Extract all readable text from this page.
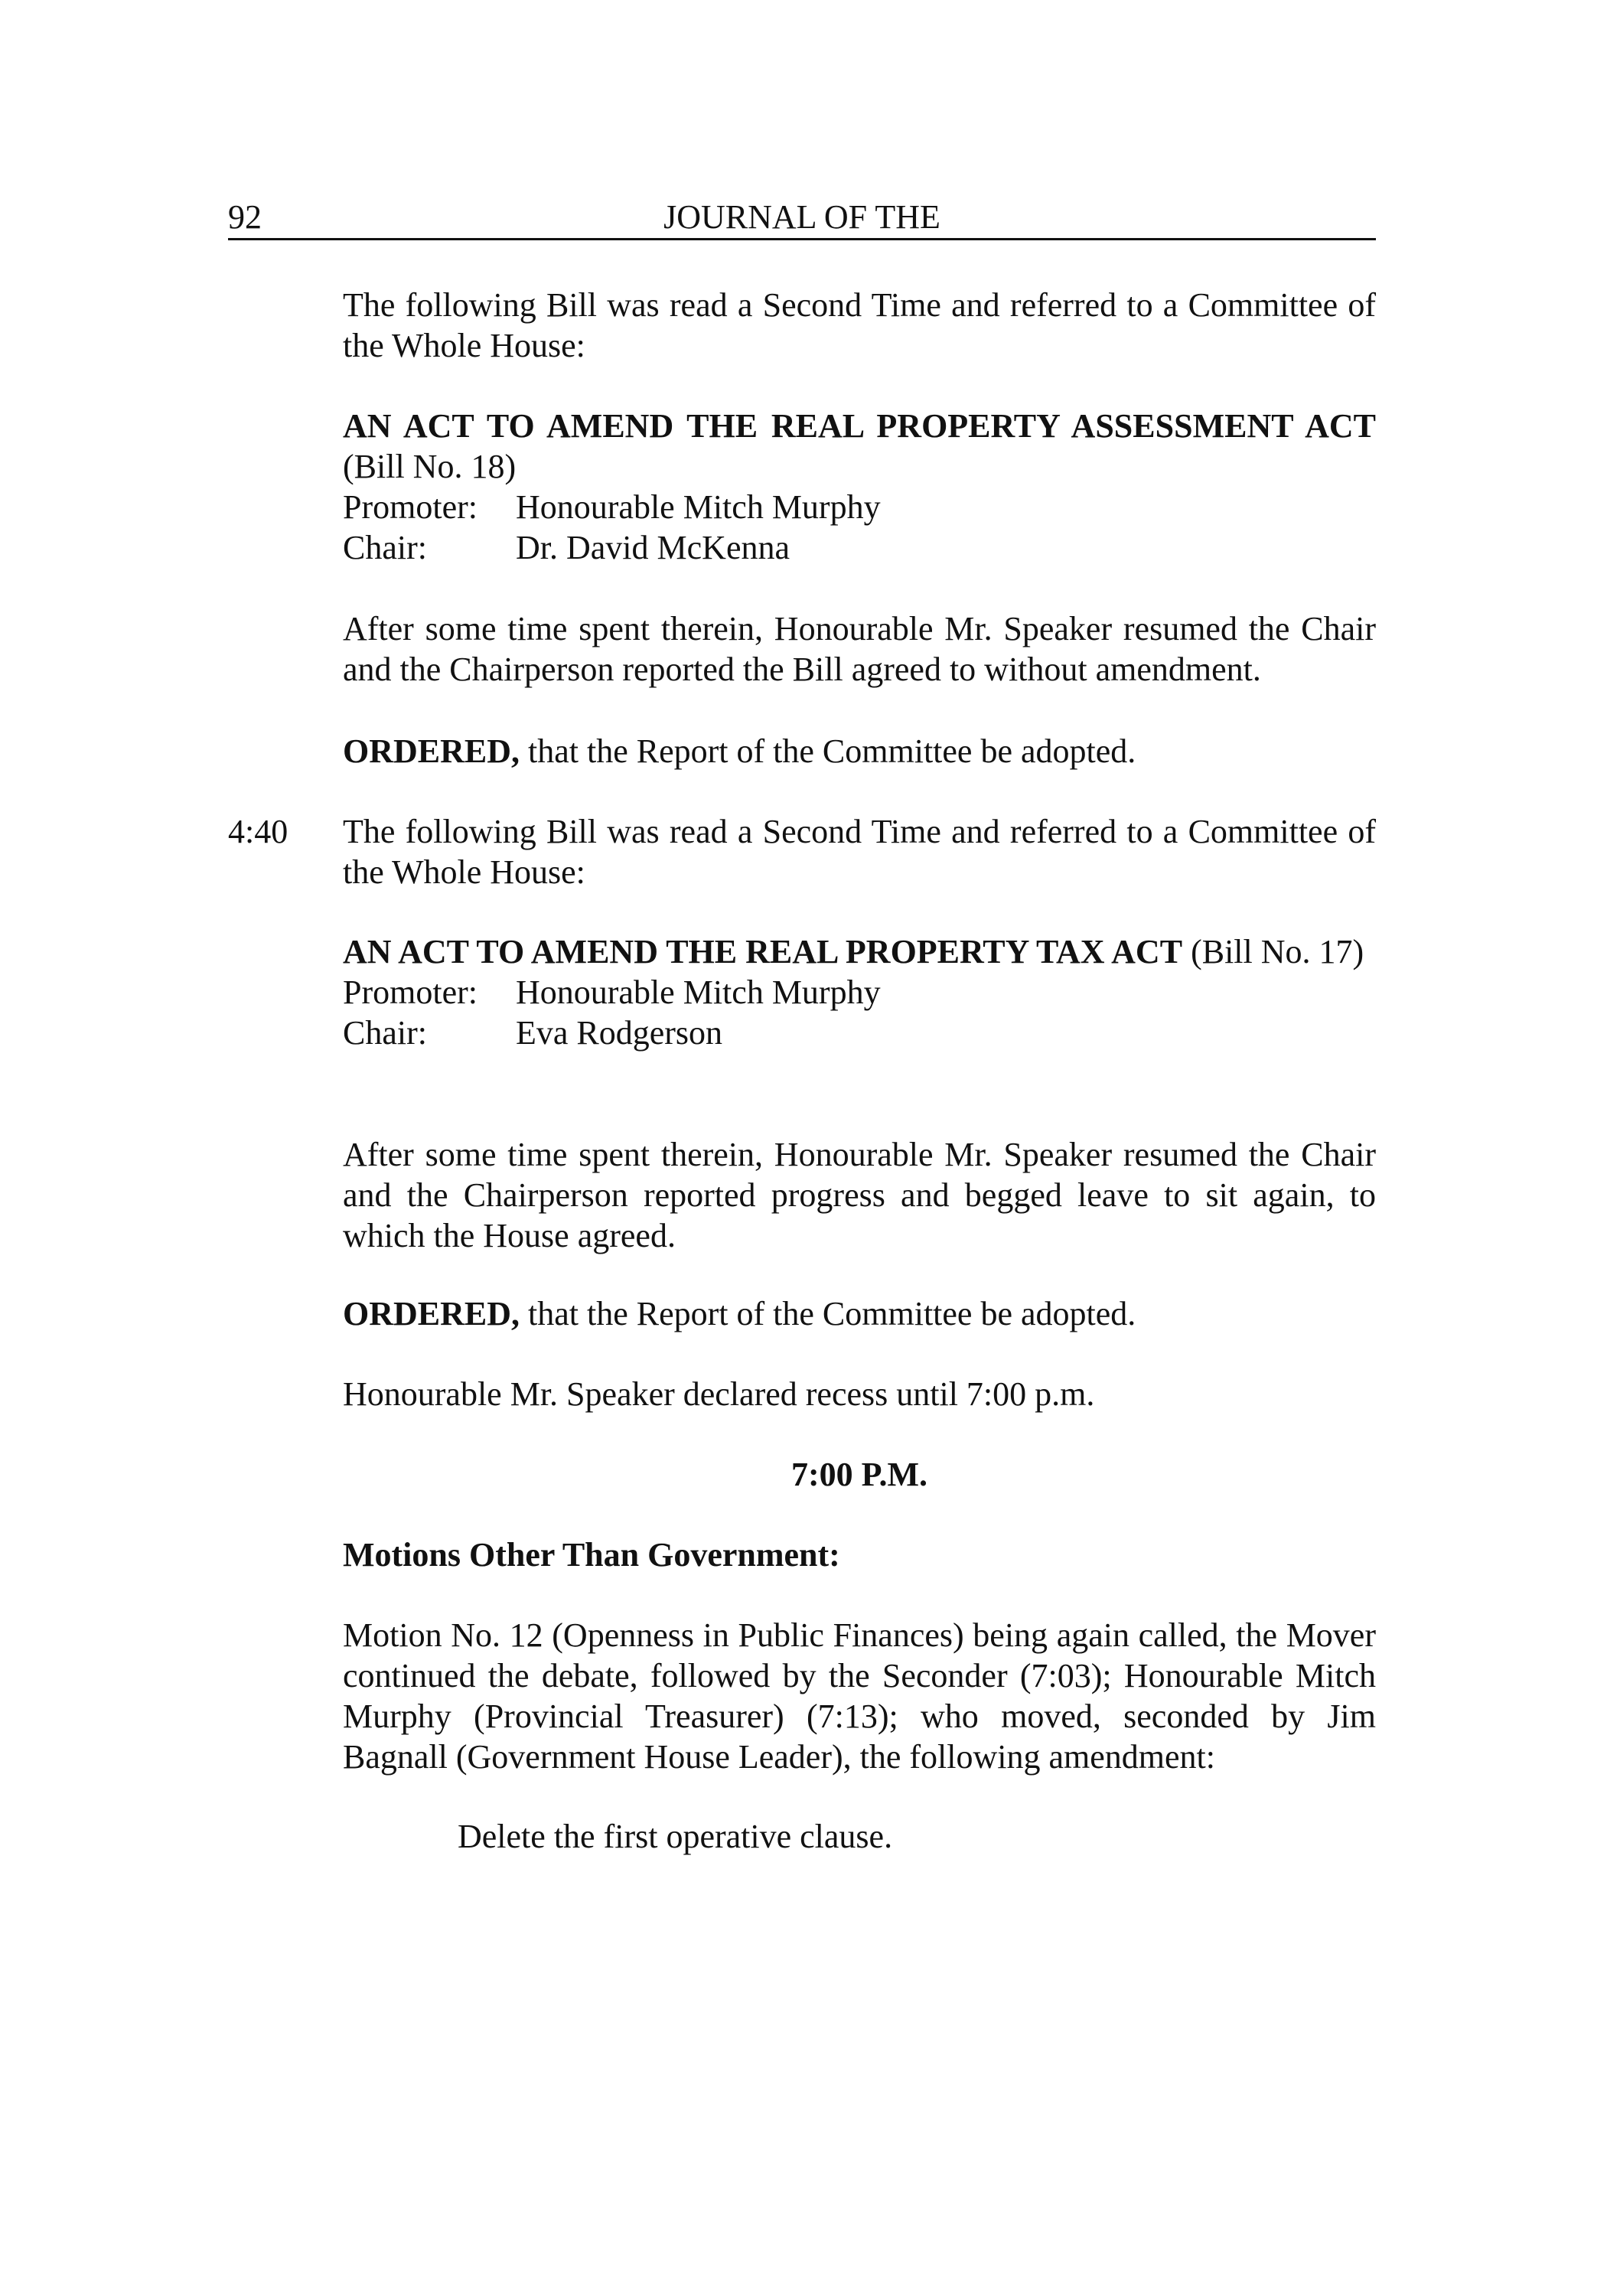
92	JOURNAL OF THE

The following Bill was read a Second Time and referred to a Committee of the Whole House:

AN ACT TO AMEND THE REAL PROPERTY ASSESSMENT ACT (Bill No. 18)
Promoter: Honourable Mitch Murphy
Chair:	Dr. David McKenna

After some time spent therein, Honourable Mr. Speaker resumed the Chair and the Chairperson reported the Bill agreed to without amendment.

ORDERED, that the Report of the Committee be adopted.

4:40 The following Bill was read a Second Time and referred to a Committee of the Whole House:

AN ACT TO AMEND THE REAL PROPERTY TAX ACT (Bill No. 17)
Promoter: Honourable Mitch Murphy
Chair:	Eva Rodgerson

After some time spent therein, Honourable Mr. Speaker resumed the Chair and the Chairperson reported progress and begged leave to sit again, to which the House agreed.

ORDERED, that the Report of the Committee be adopted.

Honourable Mr. Speaker declared recess until 7:00 p.m.

7:00 P.M.

Motions Other Than Government:

Motion No. 12 (Openness in Public Finances) being again called, the Mover continued the debate, followed by the Seconder (7:03); Honourable Mitch Murphy (Provincial Treasurer) (7:13); who moved, seconded by Jim Bagnall (Government House Leader), the following amendment:

Delete the first operative clause.
